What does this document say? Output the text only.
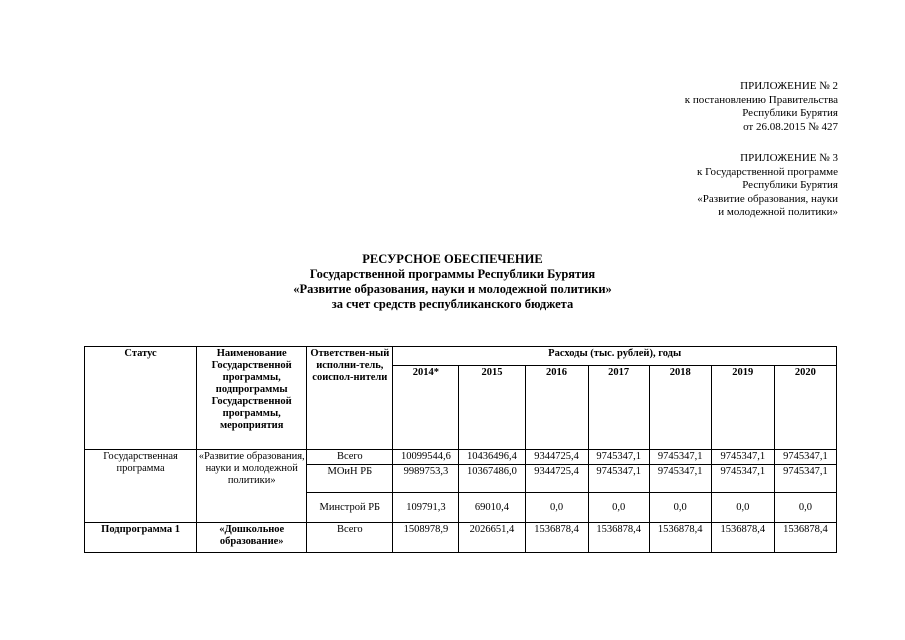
ПРИЛОЖЕНИЕ № 2
к постановлению Правительства
Республики Бурятия
от 26.08.2015 № 427
ПРИЛОЖЕНИЕ № 3
к Государственной программе
Республики Бурятия
«Развитие образования, науки
и молодежной политики»
РЕСУРСНОЕ ОБЕСПЕЧЕНИЕ
Государственной программы Республики Бурятия
«Развитие образования, науки и молодежной политики»
за счет средств республиканского бюджета
Статус	Наименование Государственной программы, подпрограммы Государственной программы, мероприятия	Ответствен-ный исполни-тель, соиспол-нители	Расходы (тыс. рублей), годы						
			2014*	2015	2016	2017	2018	2019	2020
Государственная программа	«Развитие образования, науки и молодежной политики»	Всего	10099544,6	10436496,4	9344725,4	9745347,1	9745347,1	9745347,1	9745347,1
		МОиН РБ	9989753,3	10367486,0	9344725,4	9745347,1	9745347,1	9745347,1	9745347,1
		Минстрой РБ	109791,3	69010,4	0,0	0,0	0,0	0,0	0,0
Подпрограмма 1	«Дошкольное образование»	Всего	1508978,9	2026651,4	1536878,4	1536878,4	1536878,4	1536878,4	1536878,4
